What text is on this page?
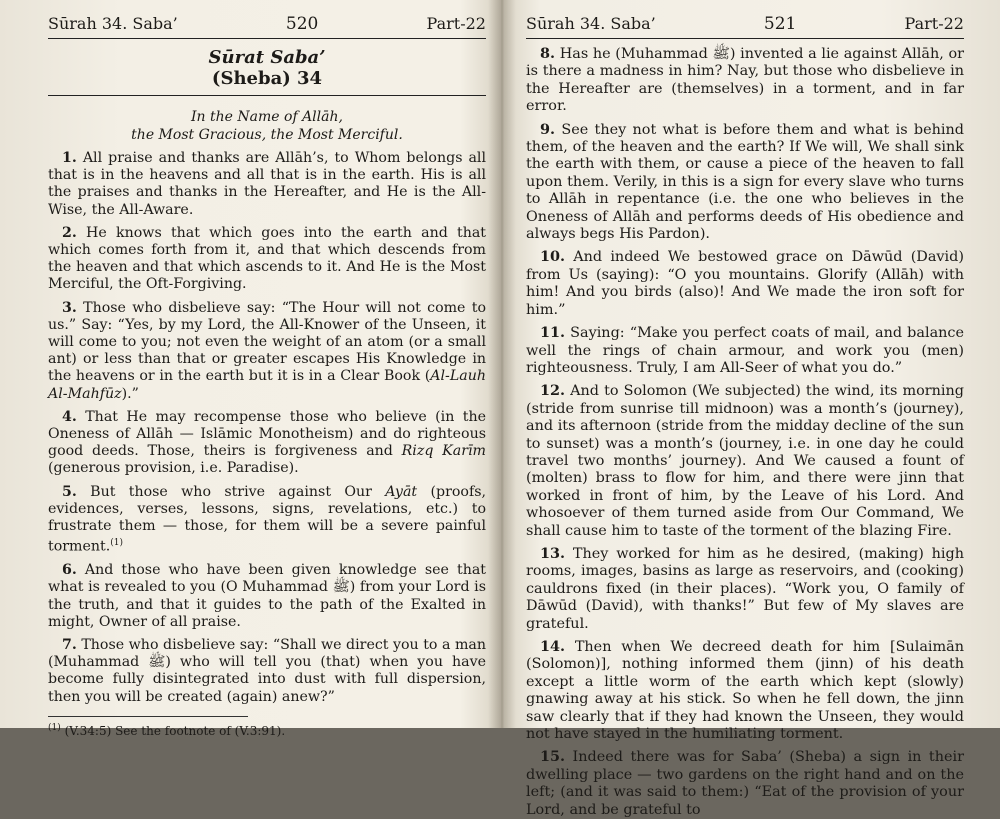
Sūrah 34. Saba’	520	Part-22
Sūrat Saba’
(Sheba) 34
In the Name of Allāh,
the Most Gracious, the Most Merciful.

1. All praise and thanks are Allāh’s, to Whom belongs all that is in the heavens and all that is in the earth. His is all the praises and thanks in the Hereafter, and He is the All-Wise, the All-Aware.

2. He knows that which goes into the earth and that which comes forth from it, and that which descends from the heaven and that which ascends to it. And He is the Most Merciful, the Oft-Forgiving.

3. Those who disbelieve say: “The Hour will not come to us.” Say: “Yes, by my Lord, the All-Knower of the Unseen, it will come to you; not even the weight of an atom (or a small ant) or less than that or greater escapes His Knowledge in the heavens or in the earth but it is in a Clear Book (Al-Lauh Al-Mahfūz).”

4. That He may recompense those who believe (in the Oneness of Allāh — Islāmic Monotheism) and do righteous good deeds. Those, theirs is forgiveness and Rizq Karīm (generous provision, i.e. Paradise).

5. But those who strive against Our Ayāt (proofs, evidences, verses, lessons, signs, revelations, etc.) to frustrate them — those, for them will be a severe painful torment.$^{(1)}$

6. And those who have been given knowledge see that what is revealed to you (O Muhammad ﷺ) from your Lord is the truth, and that it guides to the path of the Exalted in might, Owner of all praise.

7. Those who disbelieve say: “Shall we direct you to a man (Muhammad ﷺ) who will tell you (that) when you have become fully disintegrated into dust with full dispersion, then you will be created (again) anew?”

$^{(1)}$ (V.34:5) See the footnote of (V.3:91).
Sūrah 34. Saba’	521	Part-22

8. Has he (Muhammad ﷺ) invented a lie against Allāh, or is there a madness in him? Nay, but those who disbelieve in the Hereafter are (themselves) in a torment, and in far error.

9. See they not what is before them and what is behind them, of the heaven and the earth? If We will, We shall sink the earth with them, or cause a piece of the heaven to fall upon them. Verily, in this is a sign for every slave who turns to Allāh in repentance (i.e. the one who believes in the Oneness of Allāh and performs deeds of His obedience and always begs His Pardon).

10. And indeed We bestowed grace on Dāwūd (David) from Us (saying): “O you mountains. Glorify (Allāh) with him! And you birds (also)! And We made the iron soft for him.”

11. Saying: “Make you perfect coats of mail, and balance well the rings of chain armour, and work you (men) righteousness. Truly, I am All-Seer of what you do.”

12. And to Solomon (We subjected) the wind, its morning (stride from sunrise till midnoon) was a month’s (journey), and its afternoon (stride from the midday decline of the sun to sunset) was a month’s (journey, i.e. in one day he could travel two months’ journey). And We caused a fount of (molten) brass to flow for him, and there were jinn that worked in front of him, by the Leave of his Lord. And whosoever of them turned aside from Our Command, We shall cause him to taste of the torment of the blazing Fire.

13. They worked for him as he desired, (making) high rooms, images, basins as large as reservoirs, and (cooking) cauldrons fixed (in their places). “Work you, O family of Dāwūd (David), with thanks!” But few of My slaves are grateful.

14. Then when We decreed death for him [Sulaimān (Solomon)], nothing informed them (jinn) of his death except a little worm of the earth which kept (slowly) gnawing away at his stick. So when he fell down, the jinn saw clearly that if they had known the Unseen, they would not have stayed in the humiliating torment.

15. Indeed there was for Saba’ (Sheba) a sign in their dwelling place — two gardens on the right hand and on the left; (and it was said to them:) “Eat of the provision of your Lord, and be grateful to
